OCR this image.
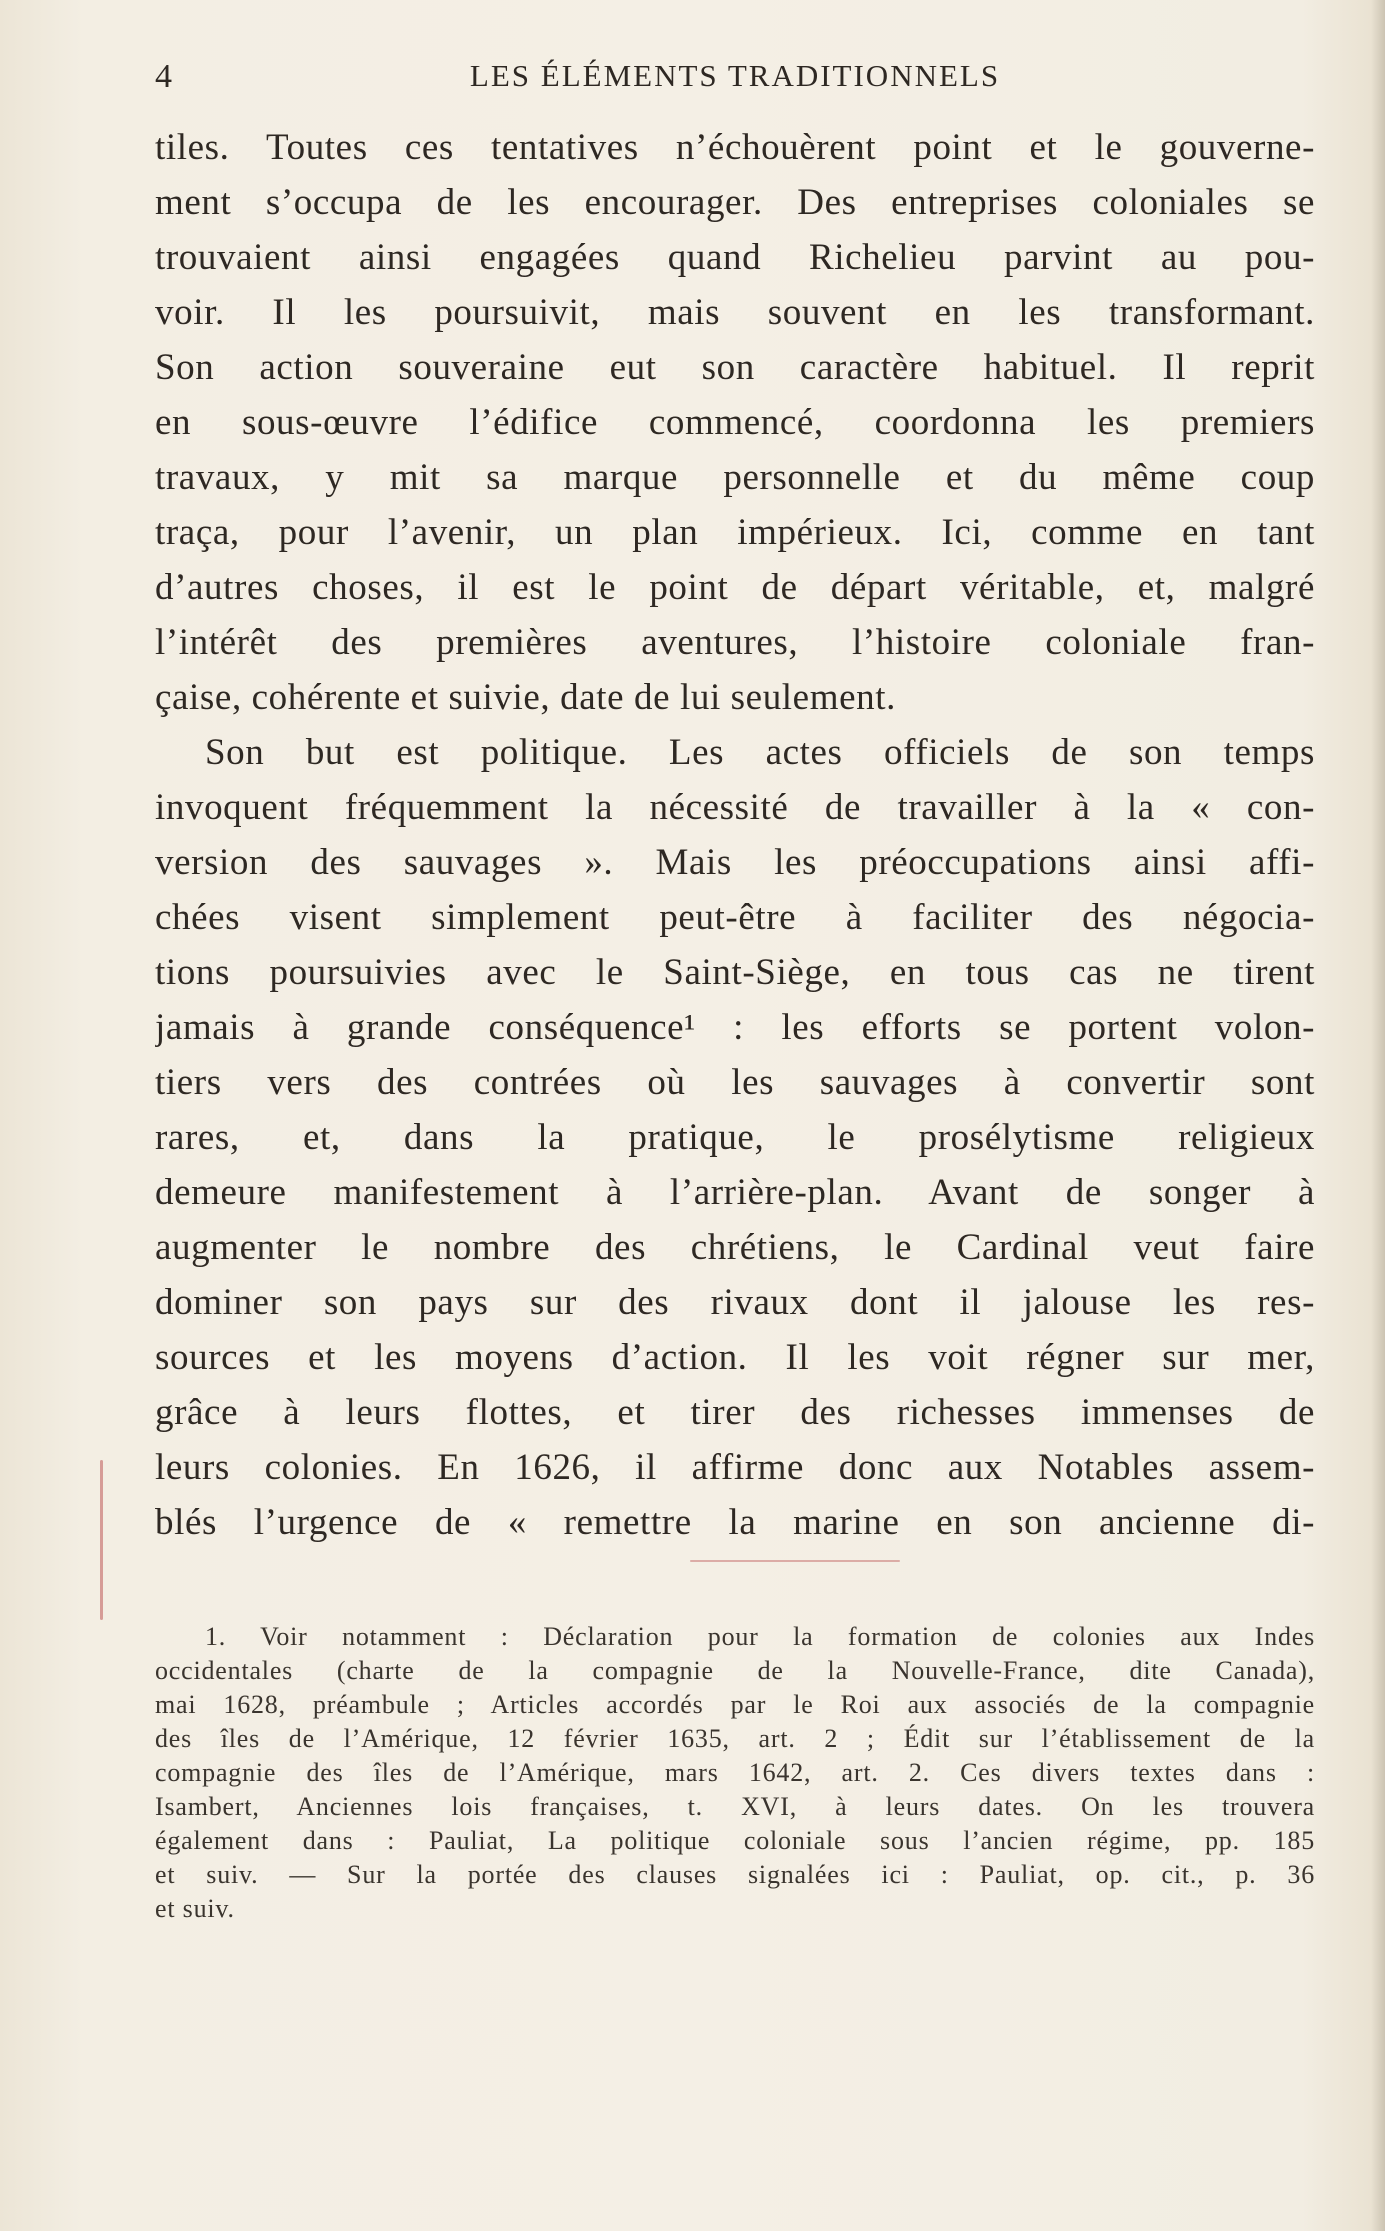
4	LES ÉLÉMENTS TRADITIONNELS
tiles. Toutes ces tentatives n’échouèrent point et le gouverne-
ment s’occupa de les encourager. Des entreprises coloniales se
trouvaient ainsi engagées quand Richelieu parvint au pou-
voir. Il les poursuivit, mais souvent en les transformant.
Son action souveraine eut son caractère habituel. Il reprit
en sous-œuvre l’édifice commencé, coordonna les premiers
travaux, y mit sa marque personnelle et du même coup
traça, pour l’avenir, un plan impérieux. Ici, comme en tant
d’autres choses, il est le point de départ véritable, et, malgré
l’intérêt des premières aventures, l’histoire coloniale fran-
çaise, cohérente et suivie, date de lui seulement.
Son but est politique. Les actes officiels de son temps
invoquent fréquemment la nécessité de travailler à la « con-
version des sauvages ». Mais les préoccupations ainsi affi-
chées visent simplement peut-être à faciliter des négocia-
tions poursuivies avec le Saint-Siège, en tous cas ne tirent
jamais à grande conséquence¹ : les efforts se portent volon-
tiers vers des contrées où les sauvages à convertir sont
rares, et, dans la pratique, le prosélytisme religieux
demeure manifestement à l’arrière-plan. Avant de songer à
augmenter le nombre des chrétiens, le Cardinal veut faire
dominer son pays sur des rivaux dont il jalouse les res-
sources et les moyens d’action. Il les voit régner sur mer,
grâce à leurs flottes, et tirer des richesses immenses de
leurs colonies. En 1626, il affirme donc aux Notables assem-
blés l’urgence de « remettre la marine en son ancienne di-
1. Voir notamment : Déclaration pour la formation de colonies aux Indes
occidentales (charte de la compagnie de la Nouvelle-France, dite Canada),
mai 1628, préambule ; Articles accordés par le Roi aux associés de la compagnie
des îles de l’Amérique, 12 février 1635, art. 2 ; Édit sur l’établissement de la
compagnie des îles de l’Amérique, mars 1642, art. 2. Ces divers textes dans :
Isambert, Anciennes lois françaises, t. XVI, à leurs dates. On les trouvera
également dans : Pauliat, La politique coloniale sous l’ancien régime, pp. 185
et suiv. — Sur la portée des clauses signalées ici : Pauliat, op. cit., p. 36
et suiv.
